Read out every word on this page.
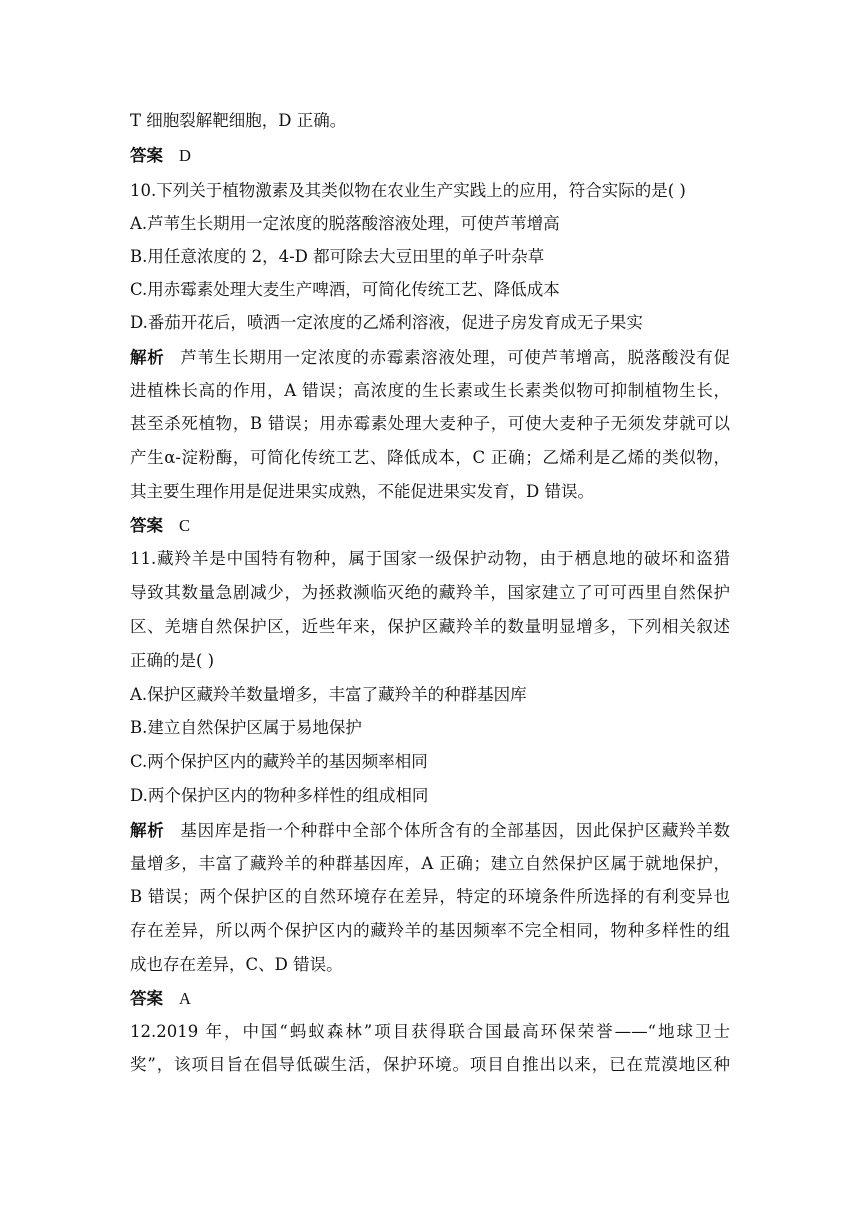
T 细胞裂解靶细胞，D 正确。
答案 D
10.下列关于植物激素及其类似物在农业生产实践上的应用，符合实际的是( )
A.芦苇生长期用一定浓度的脱落酸溶液处理，可使芦苇增高
B.用任意浓度的 2，4-D 都可除去大豆田里的单子叶杂草
C.用赤霉素处理大麦生产啤酒，可简化传统工艺、降低成本
D.番茄开花后，喷洒一定浓度的乙烯利溶液，促进子房发育成无子果实
解析 芦苇生长期用一定浓度的赤霉素溶液处理，可使芦苇增高，脱落酸没有促
进植株长高的作用，A 错误；高浓度的生长素或生长素类似物可抑制植物生长，
甚至杀死植物，B 错误；用赤霉素处理大麦种子，可使大麦种子无须发芽就可以
产生α-淀粉酶，可简化传统工艺、降低成本，C 正确；乙烯利是乙烯的类似物，
其主要生理作用是促进果实成熟，不能促进果实发育，D 错误。
答案 C
11.藏羚羊是中国特有物种，属于国家一级保护动物，由于栖息地的破坏和盗猎
导致其数量急剧减少，为拯救濒临灭绝的藏羚羊，国家建立了可可西里自然保护
区、羌塘自然保护区，近些年来，保护区藏羚羊的数量明显增多，下列相关叙述
正确的是( )
A.保护区藏羚羊数量增多，丰富了藏羚羊的种群基因库
B.建立自然保护区属于易地保护
C.两个保护区内的藏羚羊的基因频率相同
D.两个保护区内的物种多样性的组成相同
解析 基因库是指一个种群中全部个体所含有的全部基因，因此保护区藏羚羊数
量增多，丰富了藏羚羊的种群基因库，A 正确；建立自然保护区属于就地保护，
B 错误；两个保护区的自然环境存在差异，特定的环境条件所选择的有利变异也
存在差异，所以两个保护区内的藏羚羊的基因频率不完全相同，物种多样性的组
成也存在差异，C、D 错误。
答案 A
12.2019 年，中国“蚂蚁森林”项目获得联合国最高环保荣誉——“地球卫士
奖”，该项目旨在倡导低碳生活，保护环境。项目自推出以来，已在荒漠地区种
